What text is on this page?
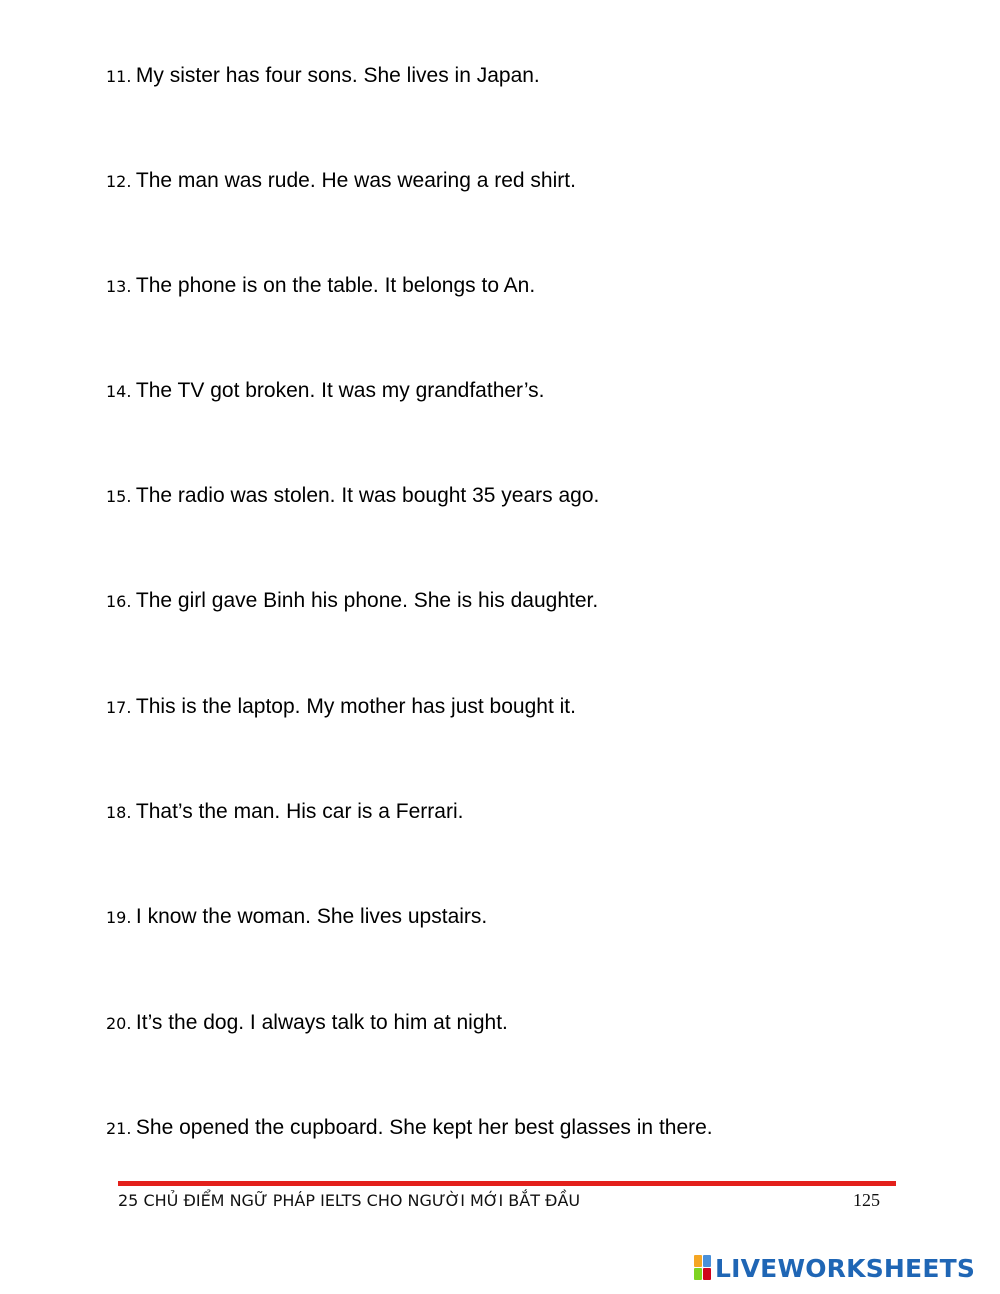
11. My sister has four sons. She lives in Japan.
12. The man was rude. He was wearing a red shirt.
13. The phone is on the table. It belongs to An.
14. The TV got broken. It was my grandfather’s.
15. The radio was stolen. It was bought 35 years ago.
16. The girl gave Binh his phone. She is his daughter.
17. This is the laptop. My mother has just bought it.
18. That’s the man. His car is a Ferrari.
19. I know the woman. She lives upstairs.
20. It’s the dog. I always talk to him at night.
21. She opened the cupboard. She kept her best glasses in there.
25 CHỦ ĐIỂM NGỮ PHÁP IELTS CHO NGƯỜI MỚI BẮT ĐẦU	125
LIVEWORKSHEETS
